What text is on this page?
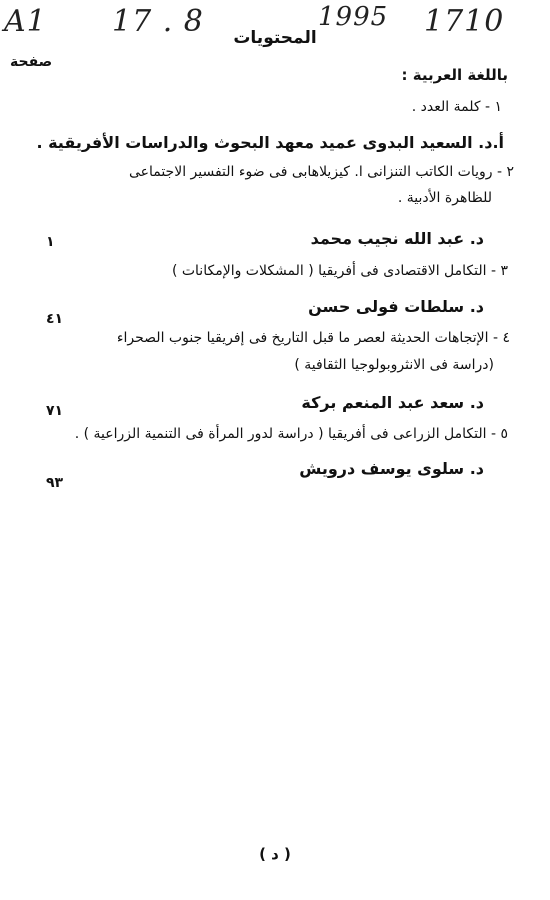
A1 17 . 8	1995 1710
المحتويات
صفحة
باللغة العربية :
١ - كلمة العدد .
أ.د. السعيد البدوى عميد معهد البحوث والدراسات الأفريقية .
٢ - رويات الكاتب التنزانى ا. كيزيلاهابى فى ضوء التفسير الاجتماعى
للظاهرة الأدبية .
د. عبد الله نجيب محمد
١
٣ - التكامل الاقتصادى فى أفريقيا ( المشكلات والإمكانات )
د. سلطات فولى حسن
٤١
٤ - الإتجاهات الحديثة لعصر ما قبل التاريخ فى إفريقيا جنوب الصحراء
(دراسة فى الانثروبولوجيا الثقافية )
د. سعد عبد المنعم بركة
٧١
٥ - التكامل الزراعى فى أفريقيا ( دراسة لدور المرأة فى التنمية الزراعية ) .
د. سلوى يوسف درويش
٩٣
( د )
